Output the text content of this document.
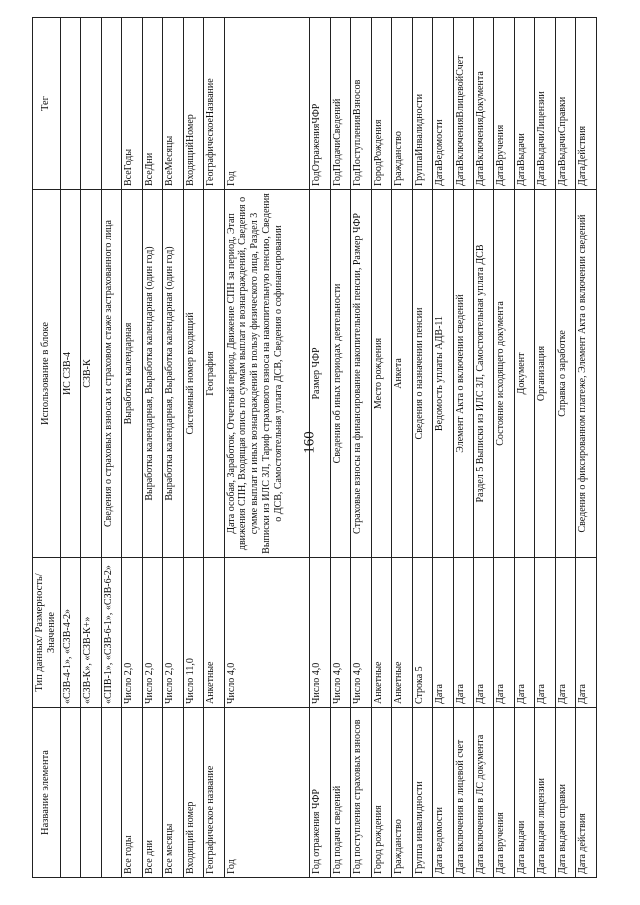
160
Название элемента	Тип данных/ Размерность/ Значение	Использование в блоке	Тег
	«СЗВ-4-1», «СЗВ-4-2»	ИС СЗВ-4	
	«СЗВ-К», «СЗВ-К+»	СЗВ-К	
	«СПВ-1», «СЗВ-6-1», «СЗВ-6-2»	Сведения о страховых взносах и страховом стаже застрахованного лица	
Все годы	Число 2,0	Выработка календарная	ВсеГоды
Все дни	Число 2,0	Выработка календарная, Выработка календарная (один год)	ВсеДни
Все месяцы	Число 2,0	Выработка календарная, Выработка календарная (один год)	ВсеМесяцы
Входящий номер	Число 11,0	Системный номер входящий	ВходящийНомер
Географическое название	Анкетные	География	ГеографическоеНазвание
Год	Число 4,0	Дата особая, Заработок, Отчетный период, Движение СПН за период, Этап движения СПН, Входящая опись по суммам выплат и вознаграждений, Сведения о сумме выплат и иных вознаграждений в пользу физического лица, Раздел 3 Выписки из ИЛС ЗЛ, Тариф страхового взноса на накопительную пенсию, Сведения о ДСВ, Самостоятельная уплата ДСВ, Сведения о софинансировании	Год
Год отражения ЧФР	Число 4,0	Размер ЧФР	ГодОтраженияЧФР
Год подачи сведений	Число 4,0	Сведения об иных периодах деятельности	ГодПодачиСведений
Год поступления страховых взносов	Число 4,0	Страховые взносы на финансирование накопительной пенсии, Размер ЧФР	ГодПоступленияВзносов
Город рождения	Анкетные	Место рождения	ГородРождения
Гражданство	Анкетные	Анкета	Гражданство
Группа инвалидности	Строка 5	Сведения о назначении пенсии	ГруппаИнвалидности
Дата ведомости	Дата	Ведомость уплаты АДВ-11	ДатаВедомости
Дата включения в лицевой счет	Дата	Элемент Акта о включении сведений	ДатаВключенияВлицевойСчет
Дата включения в ЛС документа	Дата	Раздел 5 Выписки из ИЛС ЗЛ, Самостоятельная уплата ДСВ	ДатаВключенияДокумента
Дата вручения	Дата	Состояние исходящего документа	ДатаВручения
Дата выдачи	Дата	Документ	ДатаВыдачи
Дата выдачи лицензии	Дата	Организация	ДатаВыдачиЛицензии
Дата выдачи справки	Дата	Справка о заработке	ДатаВыдачиСправки
Дата действия	Дата	Сведения о фиксированном платеже, Элемент Акта о включении сведений	ДатаДействия
